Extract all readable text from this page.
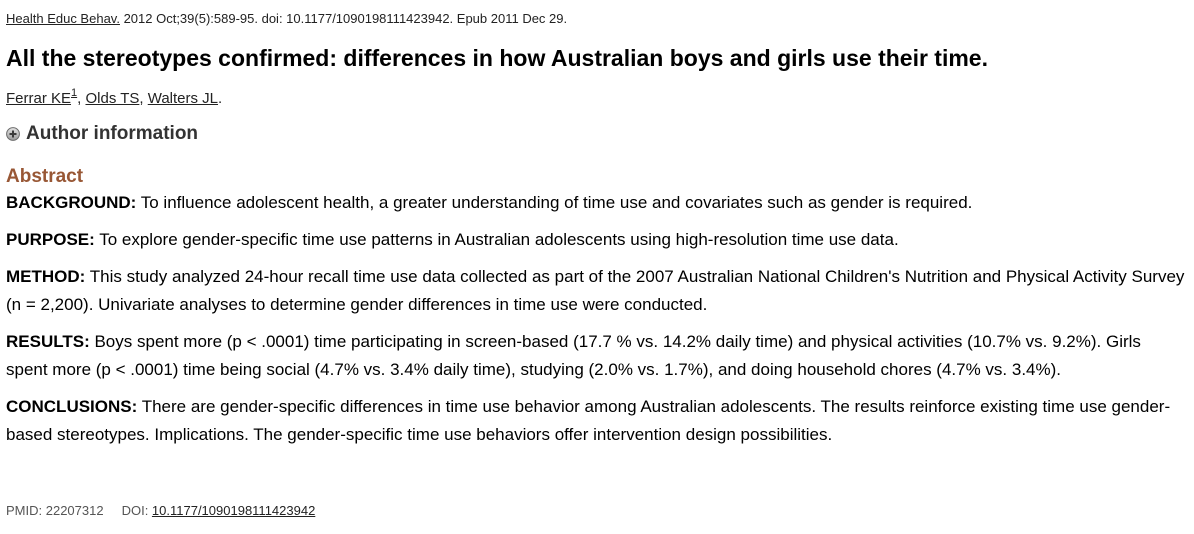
Health Educ Behav. 2012 Oct;39(5):589-95. doi: 10.1177/1090198111423942. Epub 2011 Dec 29.
All the stereotypes confirmed: differences in how Australian boys and girls use their time.
Ferrar KE$^1$, Olds TS, Walters JL.
Author information
Abstract

BACKGROUND: To influence adolescent health, a greater understanding of time use and covariates such as gender is required.

PURPOSE: To explore gender-specific time use patterns in Australian adolescents using high-resolution time use data.

METHOD: This study analyzed 24-hour recall time use data collected as part of the 2007 Australian National Children's Nutrition and Physical Activity Survey (n = 2,200). Univariate analyses to determine gender differences in time use were conducted.

RESULTS: Boys spent more (p < .0001) time participating in screen-based (17.7 % vs. 14.2% daily time) and physical activities (10.7% vs. 9.2%). Girls spent more (p < .0001) time being social (4.7% vs. 3.4% daily time), studying (2.0% vs. 1.7%), and doing household chores (4.7% vs. 3.4%).

CONCLUSIONS: There are gender-specific differences in time use behavior among Australian adolescents. The results reinforce existing time use gender-based stereotypes. Implications. The gender-specific time use behaviors offer intervention design possibilities.

PMID: 22207312 DOI: 10.1177/1090198111423942
